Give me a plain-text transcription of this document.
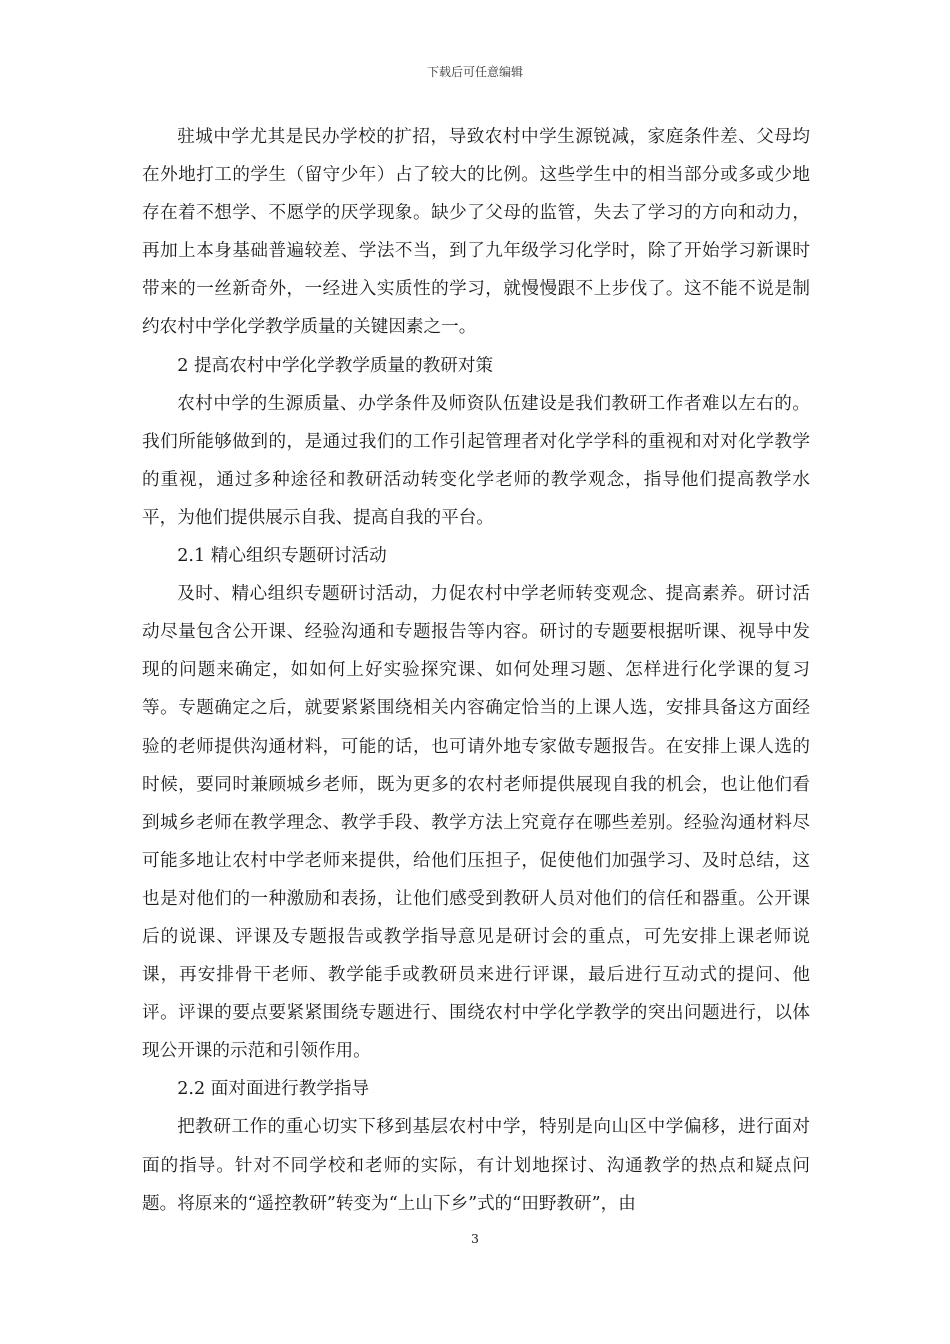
下载后可任意编辑

驻城中学尤其是民办学校的扩招，导致农村中学生源锐减，家庭条件差、父母均在外地打工的学生（留守少年）占了较大的比例。这些学生中的相当部分或多或少地存在着不想学、不愿学的厌学现象。缺少了父母的监管，失去了学习的方向和动力，再加上本身基础普遍较差、学法不当，到了九年级学习化学时，除了开始学习新课时带来的一丝新奇外，一经进入实质性的学习，就慢慢跟不上步伐了。这不能不说是制约农村中学化学教学质量的关键因素之一。

2 提高农村中学化学教学质量的教研对策

农村中学的生源质量、办学条件及师资队伍建设是我们教研工作者难以左右的。我们所能够做到的，是通过我们的工作引起管理者对化学学科的重视和对对化学教学的重视，通过多种途径和教研活动转变化学老师的教学观念，指导他们提高教学水平，为他们提供展示自我、提高自我的平台。

2.1 精心组织专题研讨活动

及时、精心组织专题研讨活动，力促农村中学老师转变观念、提高素养。研讨活动尽量包含公开课、经验沟通和专题报告等内容。研讨的专题要根据听课、视导中发现的问题来确定，如如何上好实验探究课、如何处理习题、怎样进行化学课的复习等。专题确定之后，就要紧紧围绕相关内容确定恰当的上课人选，安排具备这方面经验的老师提供沟通材料，可能的话，也可请外地专家做专题报告。在安排上课人选的时候，要同时兼顾城乡老师，既为更多的农村老师提供展现自我的机会，也让他们看到城乡老师在教学理念、教学手段、教学方法上究竟存在哪些差别。经验沟通材料尽可能多地让农村中学老师来提供，给他们压担子，促使他们加强学习、及时总结，这也是对他们的一种激励和表扬，让他们感受到教研人员对他们的信任和器重。公开课后的说课、评课及专题报告或教学指导意见是研讨会的重点，可先安排上课老师说课，再安排骨干老师、教学能手或教研员来进行评课，最后进行互动式的提问、他评。评课的要点要紧紧围绕专题进行、围绕农村中学化学教学的突出问题进行，以体现公开课的示范和引领作用。

2.2 面对面进行教学指导

把教研工作的重心切实下移到基层农村中学，特别是向山区中学偏移，进行面对面的指导。针对不同学校和老师的实际，有计划地探讨、沟通教学的热点和疑点问题。将原来的“遥控教研”转变为“上山下乡”式的“田野教研”，由

3
